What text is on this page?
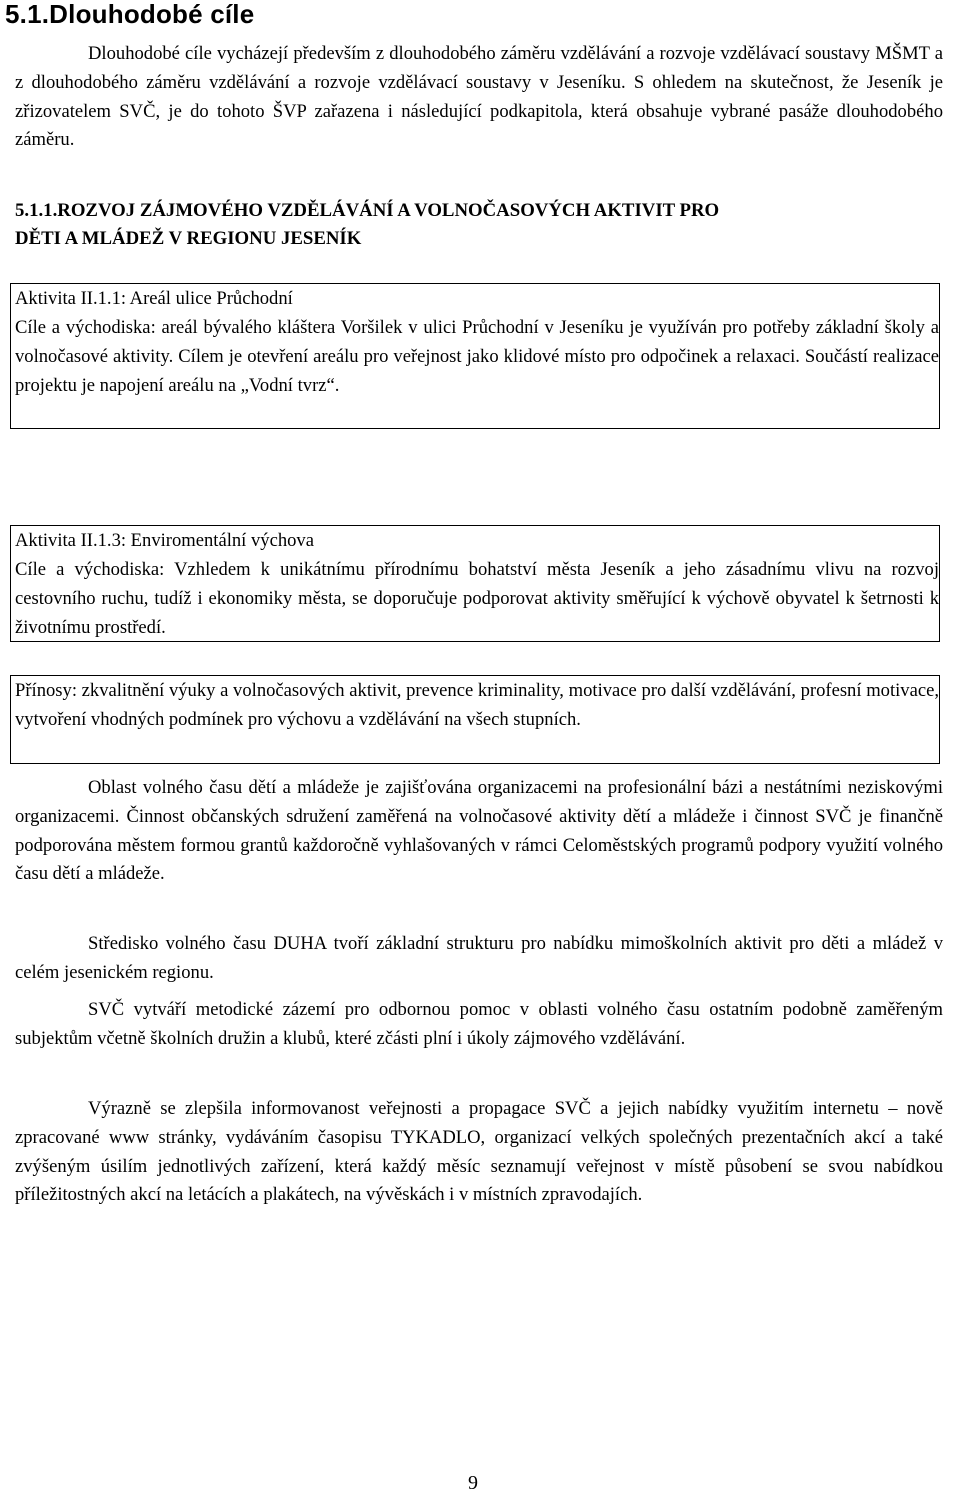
5.1.Dlouhodobé cíle

Dlouhodobé cíle vycházejí především z dlouhodobého záměru vzdělávání a rozvoje vzdělávací soustavy MŠMT a z dlouhodobého záměru vzdělávání a rozvoje vzdělávací soustavy v Jeseníku. S ohledem na skutečnost, že Jeseník je zřizovatelem SVČ, je do tohoto ŠVP zařazena i následující podkapitola, která obsahuje vybrané pasáže dlouhodobého záměru.

5.1.1.ROZVOJ ZÁJMOVÉHO VZDĚLÁVÁNÍ A VOLNOČASOVÝCH AKTIVIT PRO
DĚTI A MLÁDEŽ V REGIONU JESENÍK
Aktivita II.1.1: Areál ulice Průchodní
Cíle a východiska: areál bývalého kláštera Voršilek v ulici Průchodní v Jeseníku je využíván pro potřeby základní školy a volnočasové aktivity. Cílem je otevření areálu pro veřejnost jako klidové místo pro odpočinek a relaxaci. Součástí realizace projektu je napojení areálu na „Vodní tvrz“.
Aktivita II.1.3: Enviromentální výchova
Cíle a východiska: Vzhledem k unikátnímu přírodnímu bohatství města Jeseník a jeho zásadnímu vlivu na rozvoj cestovního ruchu, tudíž i ekonomiky města, se doporučuje podporovat aktivity směřující k výchově obyvatel k šetrnosti k životnímu prostředí.
Přínosy: zkvalitnění výuky a volnočasových aktivit, prevence kriminality, motivace pro další vzdělávání, profesní motivace, vytvoření vhodných podmínek pro výchovu a vzdělávání na všech stupních.

Oblast volného času dětí a mládeže je zajišťována organizacemi na profesionální bázi a nestátními neziskovými organizacemi. Činnost občanských sdružení zaměřená na volnočasové aktivity dětí a mládeže i činnost SVČ je finančně podporována městem formou grantů každoročně vyhlašovaných v rámci Celoměstských programů podpory využití volného času dětí a mládeže.

Středisko volného času DUHA tvoří základní strukturu pro nabídku mimoškolních aktivit pro děti a mládež v celém jesenickém regionu.

SVČ vytváří metodické zázemí pro odbornou pomoc v oblasti volného času ostatním podobně zaměřeným subjektům včetně školních družin a klubů, které zčásti plní i úkoly zájmového vzdělávání.

Výrazně se zlepšila informovanost veřejnosti a propagace SVČ a jejich nabídky využitím internetu – nově zpracované www stránky, vydáváním časopisu TYKADLO, organizací velkých společných prezentačních akcí a také zvýšeným úsilím jednotlivých zařízení, která každý měsíc seznamují veřejnost v místě působení se svou nabídkou příležitostných akcí na letácích a plakátech, na vývěskách i v místních zpravodajích.

9
